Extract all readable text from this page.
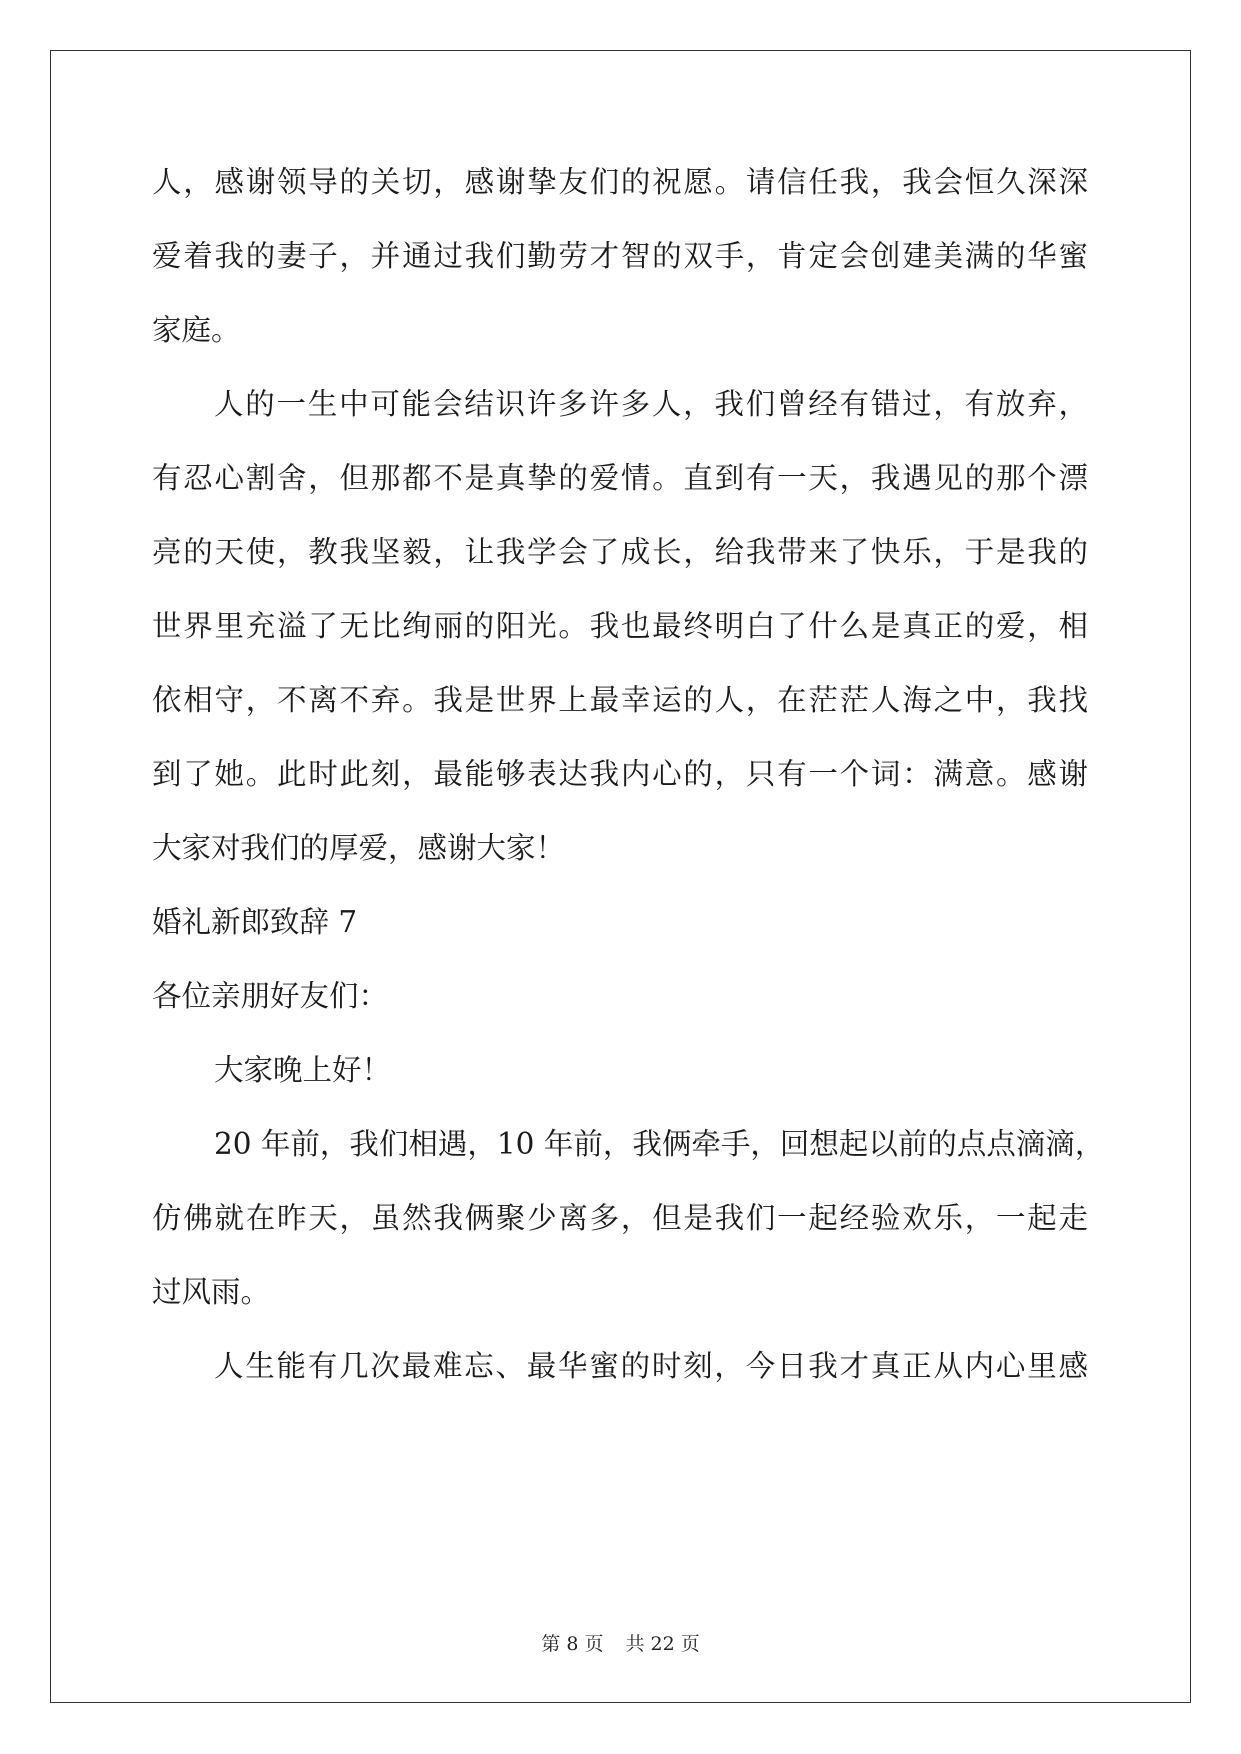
人，感谢领导的关切，感谢挚友们的祝愿。请信任我，我会恒久深深
爱着我的妻子，并通过我们勤劳才智的双手，肯定会创建美满的华蜜
家庭。
人的一生中可能会结识许多许多人，我们曾经有错过，有放弃，
有忍心割舍，但那都不是真挚的爱情。直到有一天，我遇见的那个漂
亮的天使，教我坚毅，让我学会了成长，给我带来了快乐，于是我的
世界里充溢了无比绚丽的阳光。我也最终明白了什么是真正的爱，相
依相守，不离不弃。我是世界上最幸运的人，在茫茫人海之中，我找
到了她。此时此刻，最能够表达我内心的，只有一个词：满意。感谢
大家对我们的厚爱，感谢大家！
婚礼新郎致辞 7
各位亲朋好友们：
大家晚上好！
20 年前，我们相遇，10 年前，我俩牵手，回想起以前的点点滴滴，
仿佛就在昨天，虽然我俩聚少离多，但是我们一起经验欢乐，一起走
过风雨。
人生能有几次最难忘、最华蜜的时刻，今日我才真正从内心里感
第 8 页 共 22 页
